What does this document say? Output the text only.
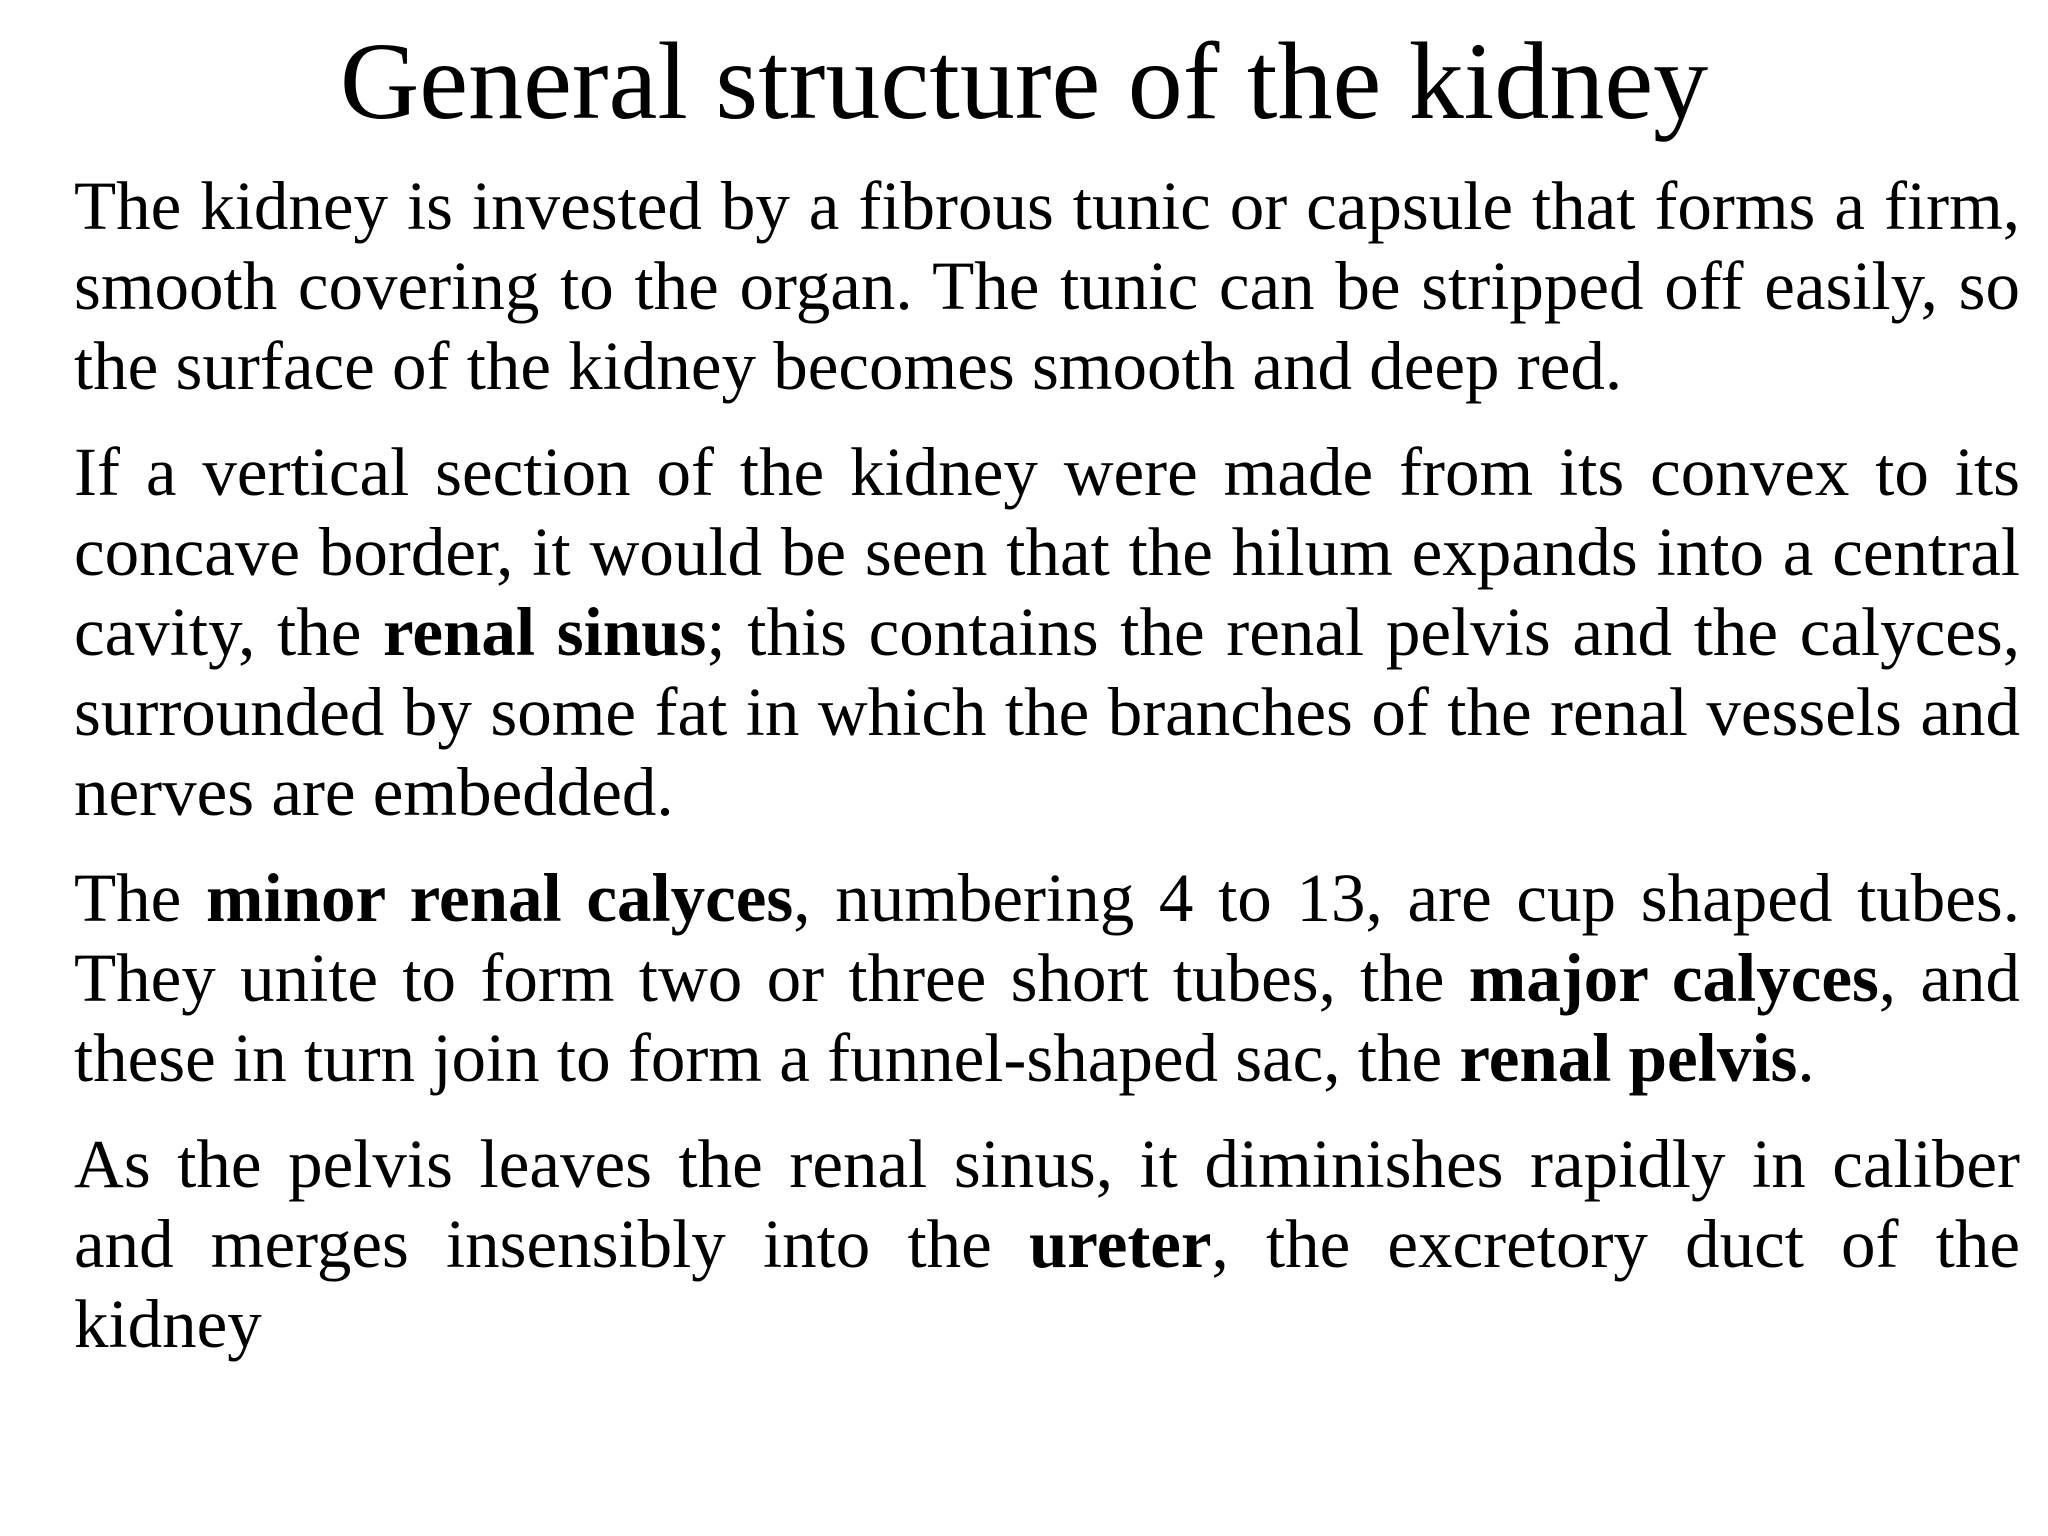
General structure of the kidney

The kidney is invested by a fibrous tunic or capsule that forms a firm, smooth covering to the organ. The tunic can be stripped off easily, so the surface of the kidney becomes smooth and deep red.

If a vertical section of the kidney were made from its convex to its concave border, it would be seen that the hilum expands into a central cavity, the renal sinus; this contains the renal pelvis and the calyces, surrounded by some fat in which the branches of the renal vessels and nerves are embedded.

The minor renal calyces, numbering 4 to 13, are cup shaped tubes. They unite to form two or three short tubes, the major calyces, and these in turn join to form a funnel-shaped sac, the renal pelvis.

As the pelvis leaves the renal sinus, it diminishes rapidly in caliber and merges insensibly into the ureter, the excretory duct of the kidney
